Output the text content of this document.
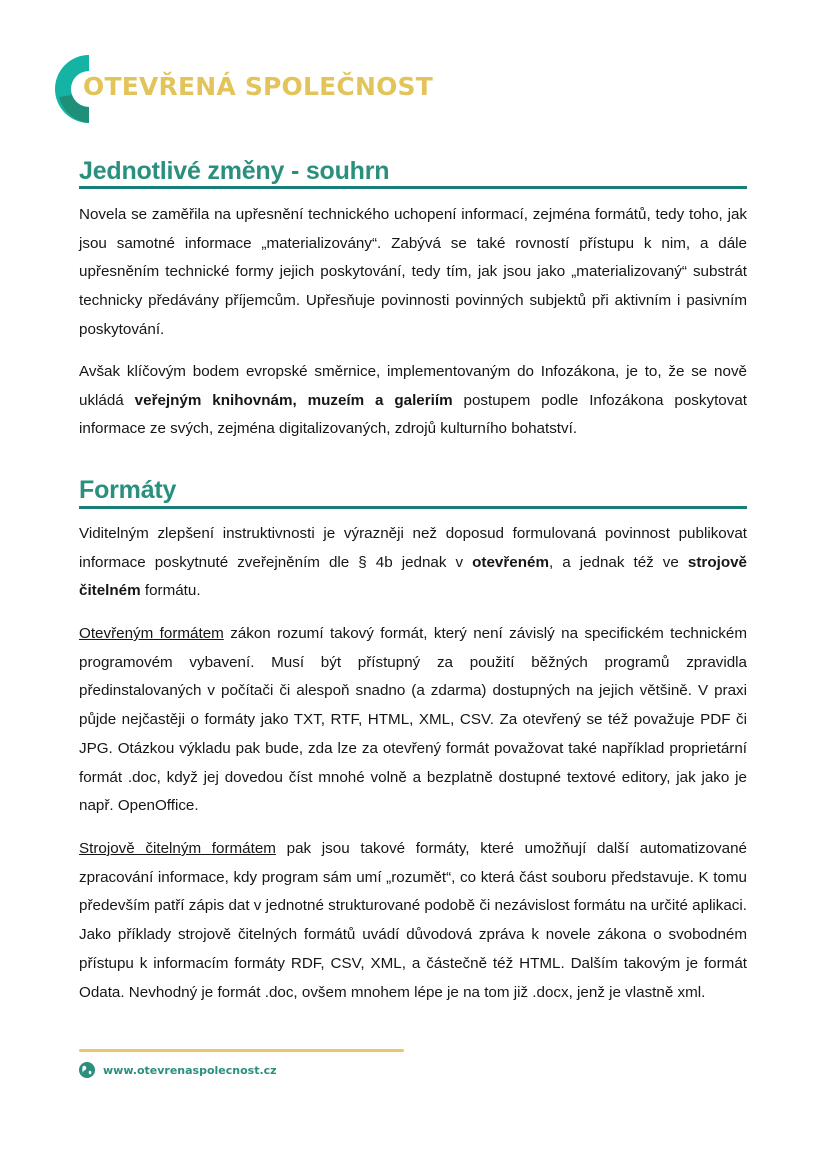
OTEVŘENÁ SPOLEČNOST
Jednotlivé změny - souhrn

Novela se zaměřila na upřesnění technického uchopení informací, zejména formátů, tedy toho, jak jsou samotné informace „materializovány“. Zabývá se také rovností přístupu k nim, a dále upřesněním technické formy jejich poskytování, tedy tím, jak jsou jako „materializovaný“ substrát technicky předávány příjemcům. Upřesňuje povinnosti povinných subjektů při aktivním i pasivním poskytování.

Avšak klíčovým bodem evropské směrnice, implementovaným do Infozákona, je to, že se nově ukládá veřejným knihovnám, muzeím a galeriím postupem podle Infozákona poskytovat informace ze svých, zejména digitalizovaných, zdrojů kulturního bohatství.

Formáty

Viditelným zlepšení instruktivnosti je výrazněji než doposud formulovaná povinnost publikovat informace poskytnuté zveřejněním dle § 4b jednak v otevřeném, a jednak též ve strojově čitelném formátu.

Otevřeným formátem zákon rozumí takový formát, který není závislý na specifickém technickém programovém vybavení. Musí být přístupný za použití běžných programů zpravidla předinstalovaných v počítači či alespoň snadno (a zdarma) dostupných na jejich většině. V praxi půjde nejčastěji o formáty jako TXT, RTF, HTML, XML, CSV. Za otevřený se též považuje PDF či JPG. Otázkou výkladu pak bude, zda lze za otevřený formát považovat také například proprietární formát .doc, když jej dovedou číst mnohé volně a bezplatně dostupné textové editory, jak jako je např. OpenOffice.

Strojově čitelným formátem pak jsou takové formáty, které umožňují další automatizované zpracování informace, kdy program sám umí „rozumět“, co která část souboru představuje. K tomu především patří zápis dat v jednotné strukturované podobě či nezávislost formátu na určité aplikaci. Jako příklady strojově čitelných formátů uvádí důvodová zpráva k novele zákona o svobodném přístupu k informacím formáty RDF, CSV, XML, a částečně též HTML. Dalším takovým je formát Odata. Nevhodný je formát .doc, ovšem mnohem lépe je na tom již .docx, jenž je vlastně xml.

www.otevrenaspolecnost.cz
